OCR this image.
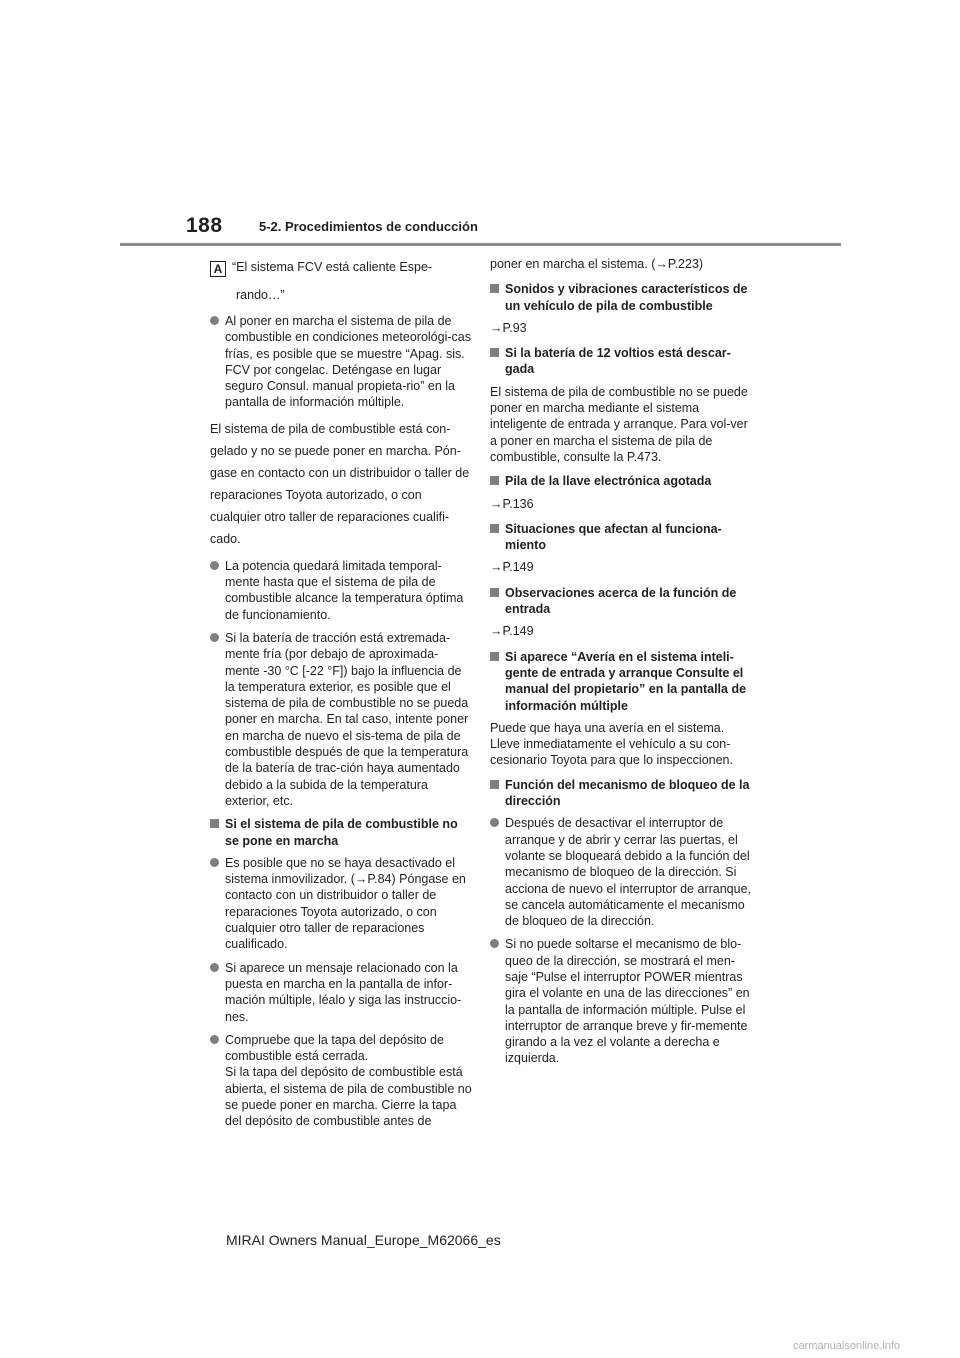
188	5-2. Procedimientos de conducción
A “El sistema FCV está caliente Espe-
rando…”
Al poner en marcha el sistema de pila de combustible en condiciones meteorológi-cas frías, es posible que se muestre “Apag. sis. FCV por congelac. Deténgase en lugar seguro Consul. manual propieta-rio” en la pantalla de información múltiple.

El sistema de pila de combustible está con-gelado y no se puede poner en marcha. Pón-gase en contacto con un distribuidor o taller de reparaciones Toyota autorizado, o con cualquier otro taller de reparaciones cualifi-cado.

La potencia quedará limitada temporal-mente hasta que el sistema de pila de combustible alcance la temperatura óptima de funcionamiento.
Si la batería de tracción está extremada-mente fría (por debajo de aproximada-mente -30 °C [-22 °F]) bajo la influencia de la temperatura exterior, es posible que el sistema de pila de combustible no se pueda poner en marcha. En tal caso, intente poner en marcha de nuevo el sis-tema de pila de combustible después de que la temperatura de la batería de trac-ción haya aumentado debido a la subida de la temperatura exterior, etc.
Si el sistema de pila de combustible no se pone en marcha
Es posible que no se haya desactivado el sistema inmovilizador. (→P.84) Póngase en contacto con un distribuidor o taller de reparaciones Toyota autorizado, o con cualquier otro taller de reparaciones cualificado.
Si aparece un mensaje relacionado con la puesta en marcha en la pantalla de infor-mación múltiple, léalo y siga las instruccio-nes.
Compruebe que la tapa del depósito de combustible está cerrada.
Si la tapa del depósito de combustible está abierta, el sistema de pila de combustible no se puede poner en marcha. Cierre la tapa del depósito de combustible antes de

poner en marcha el sistema. (→P.223)

Sonidos y vibraciones característicos de un vehículo de pila de combustible

→P.93

Si la batería de 12 voltios está descar-gada

El sistema de pila de combustible no se puede poner en marcha mediante el sistema inteligente de entrada y arranque. Para vol-ver a poner en marcha el sistema de pila de combustible, consulte la P.473.

Pila de la llave electrónica agotada

→P.136

Situaciones que afectan al funciona-miento

→P.149

Observaciones acerca de la función de entrada

→P.149

Si aparece “Avería en el sistema inteli-gente de entrada y arranque Consulte el manual del propietario” en la pantalla de información múltiple

Puede que haya una avería en el sistema. Lleve inmediatamente el vehículo a su con-cesionario Toyota para que lo inspeccionen.

Función del mecanismo de bloqueo de la dirección
Después de desactivar el interruptor de arranque y de abrir y cerrar las puertas, el volante se bloqueará debido a la función del mecanismo de bloqueo de la dirección. Si acciona de nuevo el interruptor de arranque, se cancela automáticamente el mecanismo de bloqueo de la dirección.
Si no puede soltarse el mecanismo de blo-queo de la dirección, se mostrará el men-saje “Pulse el interruptor POWER mientras gira el volante en una de las direcciones” en la pantalla de información múltiple. Pulse el interruptor de arranque breve y fir-memente girando a la vez el volante a derecha e izquierda.
MIRAI Owners Manual_Europe_M62066_es
carmanualsonline.info
